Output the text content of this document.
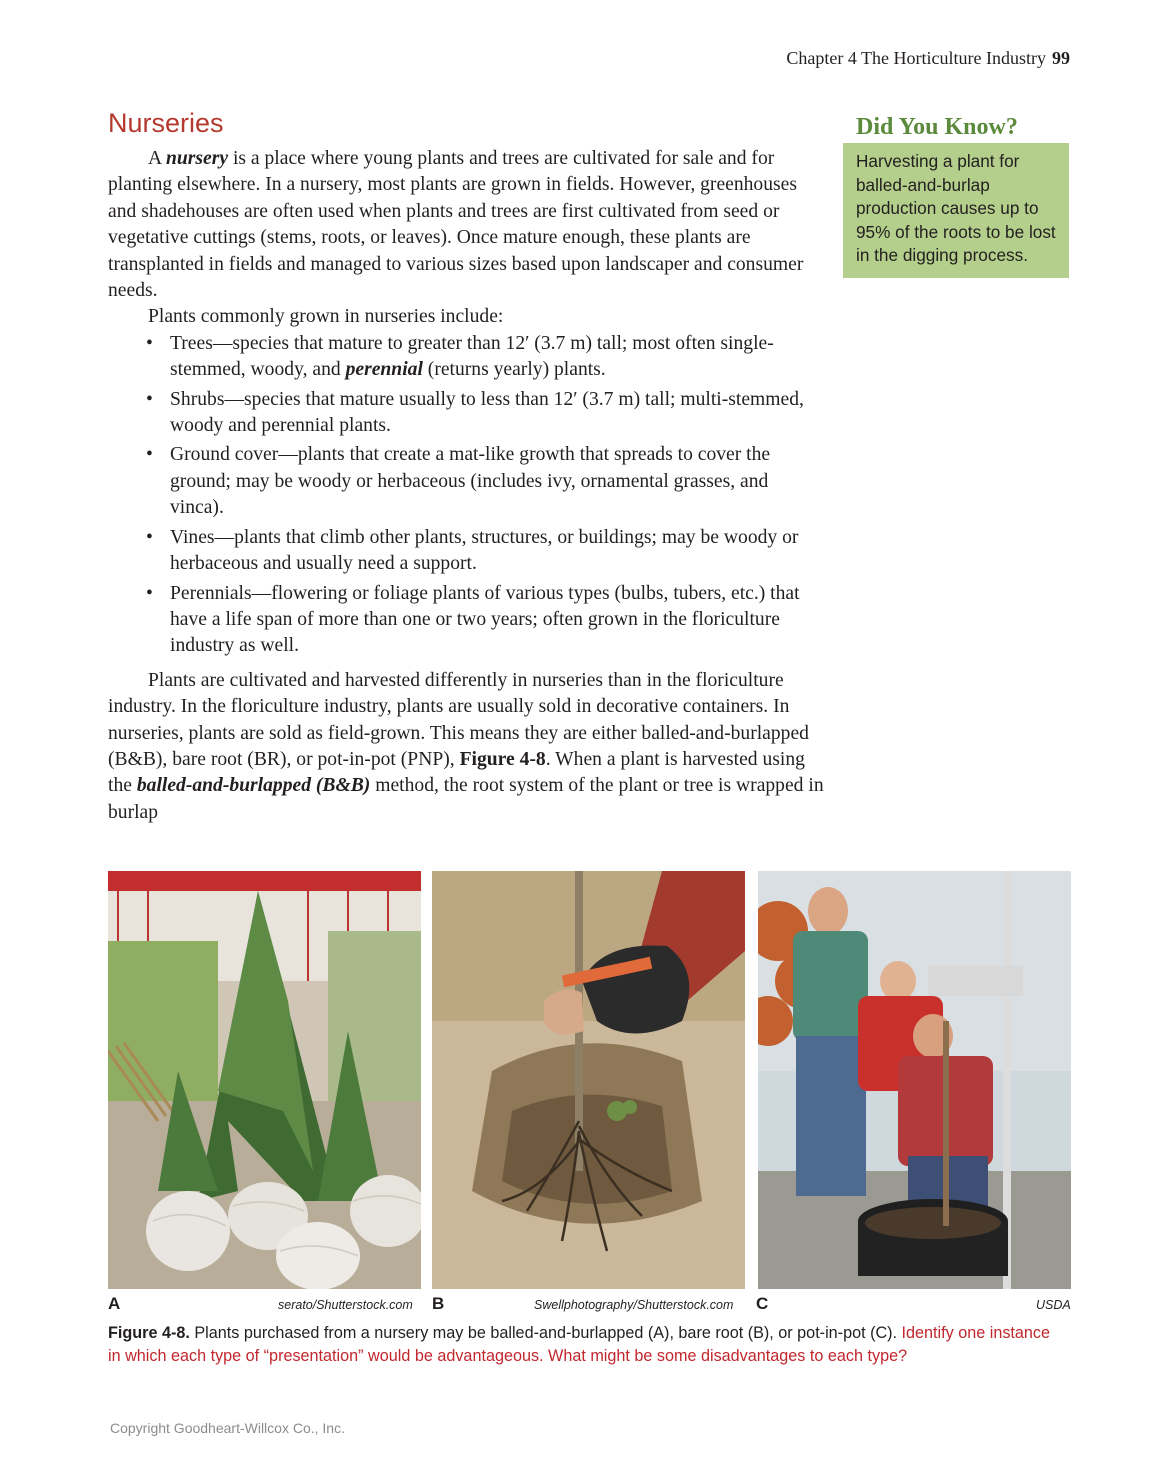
Chapter 4 The Horticulture Industry 99
Nurseries

A nursery is a place where young plants and trees are cultivated for sale and for planting elsewhere. In a nursery, most plants are grown in fields. However, greenhouses and shadehouses are often used when plants and trees are first cultivated from seed or vegetative cuttings (stems, roots, or leaves). Once mature enough, these plants are transplanted in fields and managed to various sizes based upon landscaper and consumer needs.

Plants commonly grown in nurseries include:

• Trees—species that mature to greater than 12′ (3.7 m) tall; most often single-stemmed, woody, and perennial (returns yearly) plants.
• Shrubs—species that mature usually to less than 12′ (3.7 m) tall; multi-stemmed, woody and perennial plants.
• Ground cover—plants that create a mat-like growth that spreads to cover the ground; may be woody or herbaceous (includes ivy, ornamental grasses, and vinca).
• Vines—plants that climb other plants, structures, or buildings; may be woody or herbaceous and usually need a support.
• Perennials—flowering or foliage plants of various types (bulbs, tubers, etc.) that have a life span of more than one or two years; often grown in the floriculture industry as well.

Plants are cultivated and harvested differently in nurseries than in the floriculture industry. In the floriculture industry, plants are usually sold in decorative containers. In nurseries, plants are sold as field-grown. This means they are either balled-and-burlapped (B&B), bare root (BR), or pot-in-pot (PNP), Figure 4-8. When a plant is harvested using the balled-and-burlapped (B&B) method, the root system of the plant or tree is wrapped in burlap

Did You Know?
Harvesting a plant for balled-and-burlap production causes up to 95% of the roots to be lost in the digging process.
A	serato/Shutterstock.com B	Swellphotography/Shutterstock.com C	USDA
Figure 4-8. Plants purchased from a nursery may be balled-and-burlapped (A), bare root (B), or pot-in-pot (C). Identify one instance in which each type of “presentation” would be advantageous. What might be some disadvantages to each type?
Copyright Goodheart-Willcox Co., Inc.
